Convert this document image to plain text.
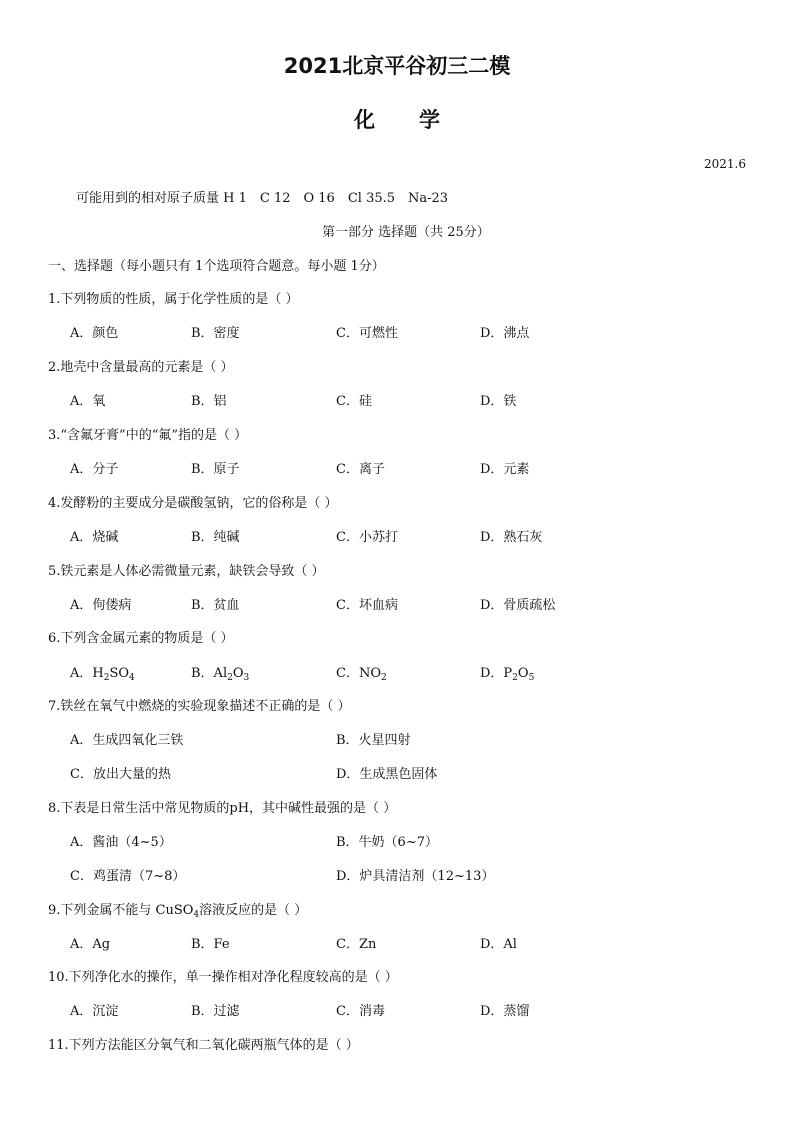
2021北京平谷初三二模
化学
2021.6
可能用到的相对原子质量 H 1　C 12　O 16　Cl 35.5　Na-23
第一部分 选择题（共 25分）
一、选择题（每小题只有 1个选项符合题意。每小题 1分）
1.下列物质的性质，属于化学性质的是（ ）
A．颜色	B．密度	C．可燃性	D．沸点
2.地壳中含量最高的元素是（ ）
A．氧	B．铝	C．硅	D．铁
3.“含氟牙膏”中的“氟”指的是（ ）
A．分子	B．原子	C．离子	D．元素
4.发酵粉的主要成分是碳酸氢钠，它的俗称是（ ）
A．烧碱	B．纯碱	C．小苏打	D．熟石灰
5.铁元素是人体必需微量元素，缺铁会导致（ ）
A．佝偻病	B．贫血	C．坏血病	D．骨质疏松
6.下列含金属元素的物质是（ ）
A．$H_2SO_4$	B．$Al_2O_3$	C．$NO_2$	D．$P_2O_5$
7.铁丝在氧气中燃烧的实验现象描述不正确的是（ ）
A．生成四氧化三铁	B．火星四射
C．放出大量的热	D．生成黑色固体
8.下表是日常生活中常见物质的pH，其中碱性最强的是（ ）
A．酱油（4~5）	B．牛奶（6~7）
C．鸡蛋清（7~8）	D．炉具清洁剂（12~13）
9.下列金属不能与 CuSO$_4$溶液反应的是（ ）
A．Ag	B．Fe	C．Zn	D．Al
10.下列净化水的操作，单一操作相对净化程度较高的是（ ）
A．沉淀	B．过滤	C．消毒	D．蒸馏
11.下列方法能区分氧气和二氧化碳两瓶气体的是（ ）
